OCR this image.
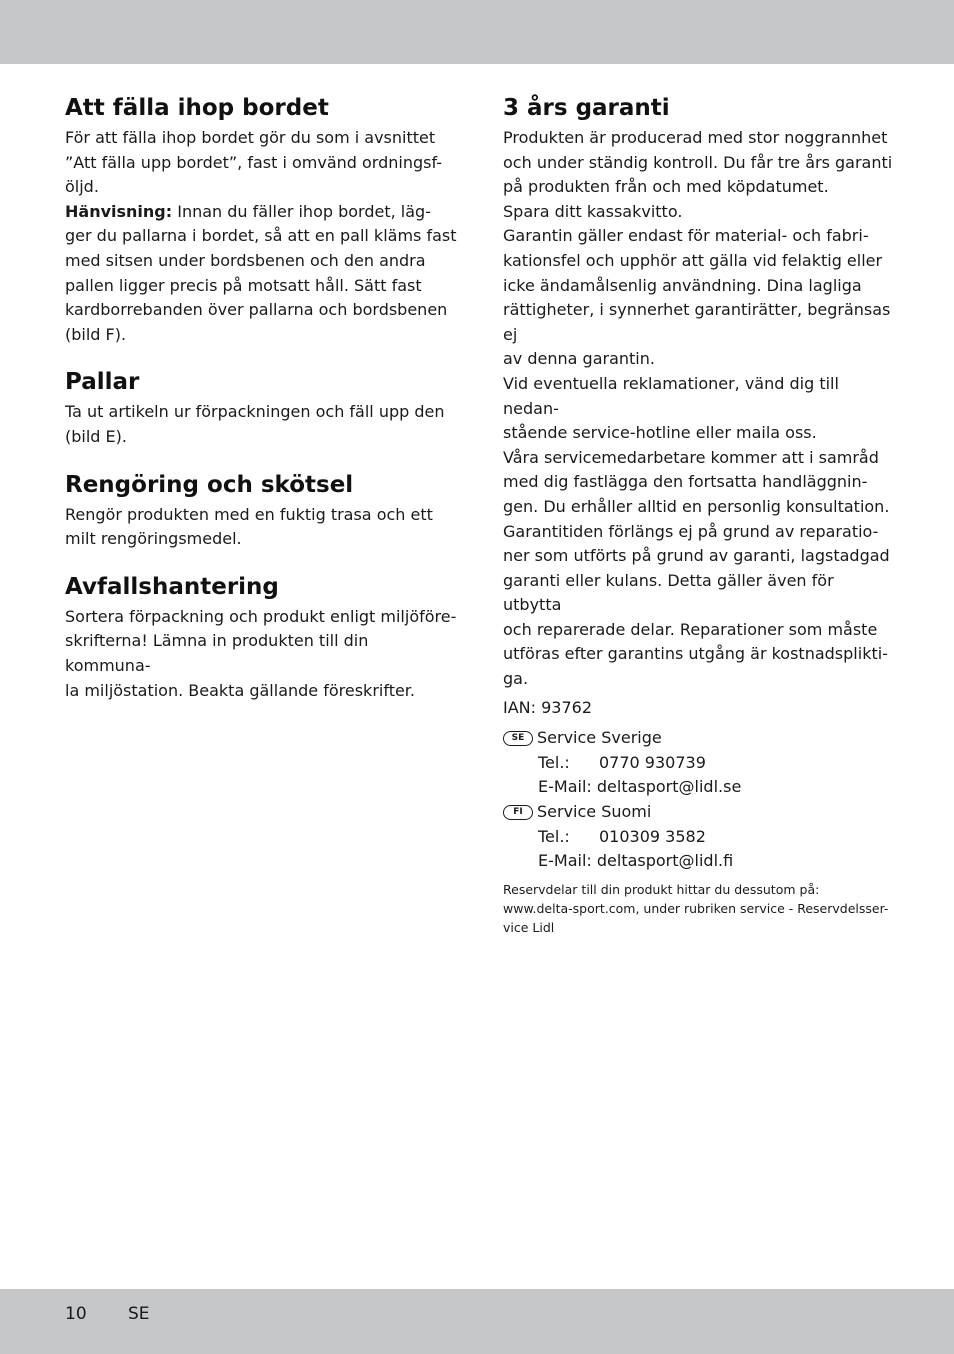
Att fälla ihop bordet

För att fälla ihop bordet gör du som i avsnittet
”Att fälla upp bordet”, fast i omvänd ordningsf-
öljd.
Hänvisning: Innan du fäller ihop bordet, läg-
ger du pallarna i bordet, så att en pall kläms fast
med sitsen under bordsbenen och den andra
pallen ligger precis på motsatt håll. Sätt fast
kardborrebanden över pallarna och bordsbenen
(bild F).

Pallar

Ta ut artikeln ur förpackningen och fäll upp den
(bild E).

Rengöring och skötsel

Rengör produkten med en fuktig trasa och ett
milt rengöringsmedel.

Avfallshantering

Sortera förpackning och produkt enligt miljöföre-
skrifterna! Lämna in produkten till din kommuna-
la miljöstation. Beakta gällande föreskrifter.

3 års garanti

Produkten är producerad med stor noggrannhet
och under ständig kontroll. Du får tre års garanti
på produkten från och med köpdatumet.
Spara ditt kassakvitto.
Garantin gäller endast för material- och fabri-
kationsfel och upphör att gälla vid felaktig eller
icke ändamålsenlig användning. Dina lagliga
rättigheter, i synnerhet garantirätter, begränsas ej
av denna garantin.
Vid eventuella reklamationer, vänd dig till nedan-
stående service-hotline eller maila oss.
Våra servicemedarbetare kommer att i samråd
med dig fastlägga den fortsatta handläggnin-
gen. Du erhåller alltid en personlig konsultation.
Garantitiden förlängs ej på grund av reparatio-
ner som utförts på grund av garanti, lagstadgad
garanti eller kulans. Detta gäller även för utbytta
och reparerade delar. Reparationer som måste
utföras efter garantins utgång är kostnadsplikti-
ga.

IAN: 93762
SE Service Sverige
Tel.:	0770 930739
E-Mail:
deltasport@lidl.se
FI Service Suomi
Tel.:	010309 3582
E-Mail:
deltasport@lidl.fi

Reservdelar till din produkt hittar du dessutom på:
www.delta-sport.com, under rubriken service - Reservdelsser-
vice Lidl

10	SE
